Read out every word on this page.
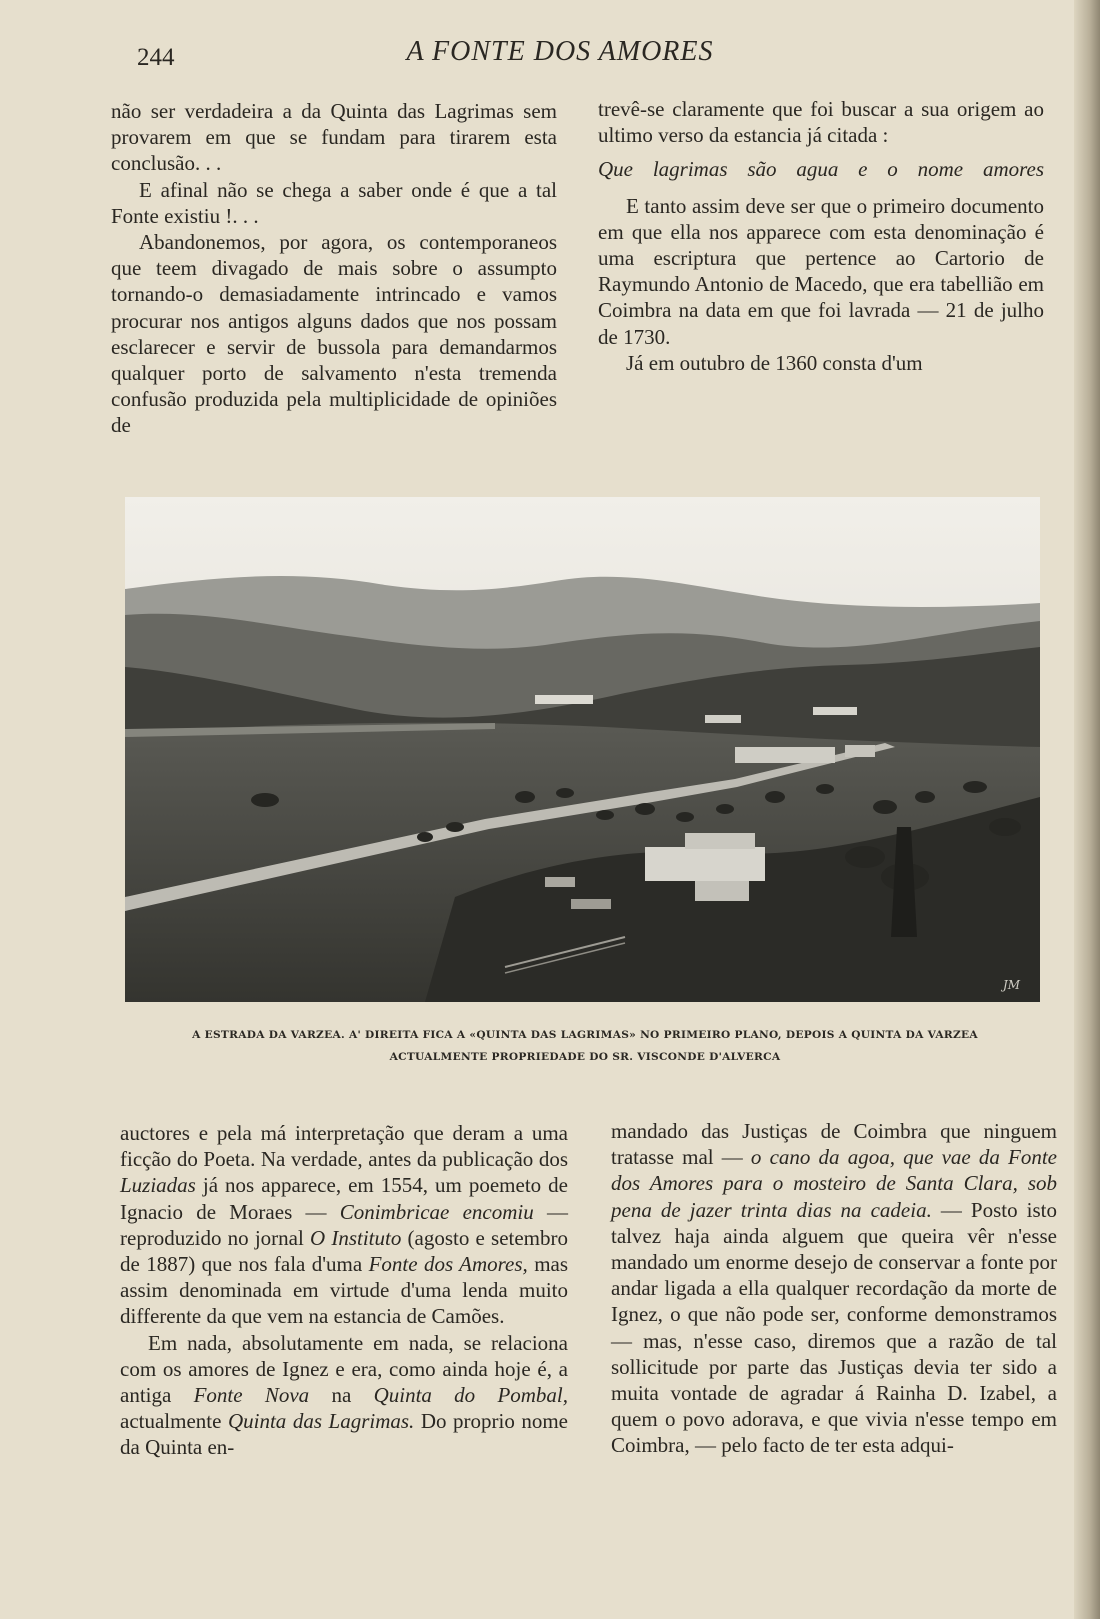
244	A FONTE DOS AMORES

não ser verdadeira a da Quinta das Lagrimas sem provarem em que se fundam para tirarem esta conclusão. . .

E afinal não se chega a saber onde é que a tal Fonte existiu !. . .

Abandonemos, por agora, os contemporaneos que teem divagado de mais sobre o assumpto tornando-o demasiadamente intrincado e vamos procurar nos antigos alguns dados que nos possam esclarecer e servir de bussola para demandarmos qualquer porto de salvamento n'esta tremenda confusão produzida pela multiplicidade de opiniões de

trevê-se claramente que foi buscar a sua origem ao ultimo verso da estancia já citada :

Que lagrimas são agua e o nome amores

E tanto assim deve ser que o primeiro documento em que ella nos apparece com esta denominação é uma escriptura que pertence ao Cartorio de Raymundo Antonio de Macedo, que era tabellião em Coimbra na data em que foi lavrada — 21 de julho de 1730.

Já em outubro de 1360 consta d'um

JM
A ESTRADA DA VARZEA. A' DIREITA FICA A «QUINTA DAS LAGRIMAS» NO PRIMEIRO PLANO, DEPOIS A QUINTA DA VARZEA
ACTUALMENTE PROPRIEDADE DO SR. VISCONDE D'ALVERCA

auctores e pela má interpretação que deram a uma ficção do Poeta. Na verdade, antes da publicação dos Luziadas já nos apparece, em 1554, um poemeto de Ignacio de Moraes — Conimbricae encomiu — reproduzido no jornal O Instituto (agosto e setembro de 1887) que nos fala d'uma Fonte dos Amores, mas assim denominada em virtude d'uma lenda muito differente da que vem na estancia de Camões.

Em nada, absolutamente em nada, se relaciona com os amores de Ignez e era, como ainda hoje é, a antiga Fonte Nova na Quinta do Pombal, actualmente Quinta das Lagrimas. Do proprio nome da Quinta en-

mandado das Justiças de Coimbra que ninguem tratasse mal — o cano da agoa, que vae da Fonte dos Amores para o mosteiro de Santa Clara, sob pena de jazer trinta dias na cadeia. — Posto isto talvez haja ainda alguem que queira vêr n'esse mandado um enorme desejo de conservar a fonte por andar ligada a ella qualquer recordação da morte de Ignez, o que não pode ser, conforme demonstramos — mas, n'esse caso, diremos que a razão de tal sollicitude por parte das Justiças devia ter sido a muita vontade de agradar á Rainha D. Izabel, a quem o povo adorava, e que vivia n'esse tempo em Coimbra, — pelo facto de ter esta adqui-
